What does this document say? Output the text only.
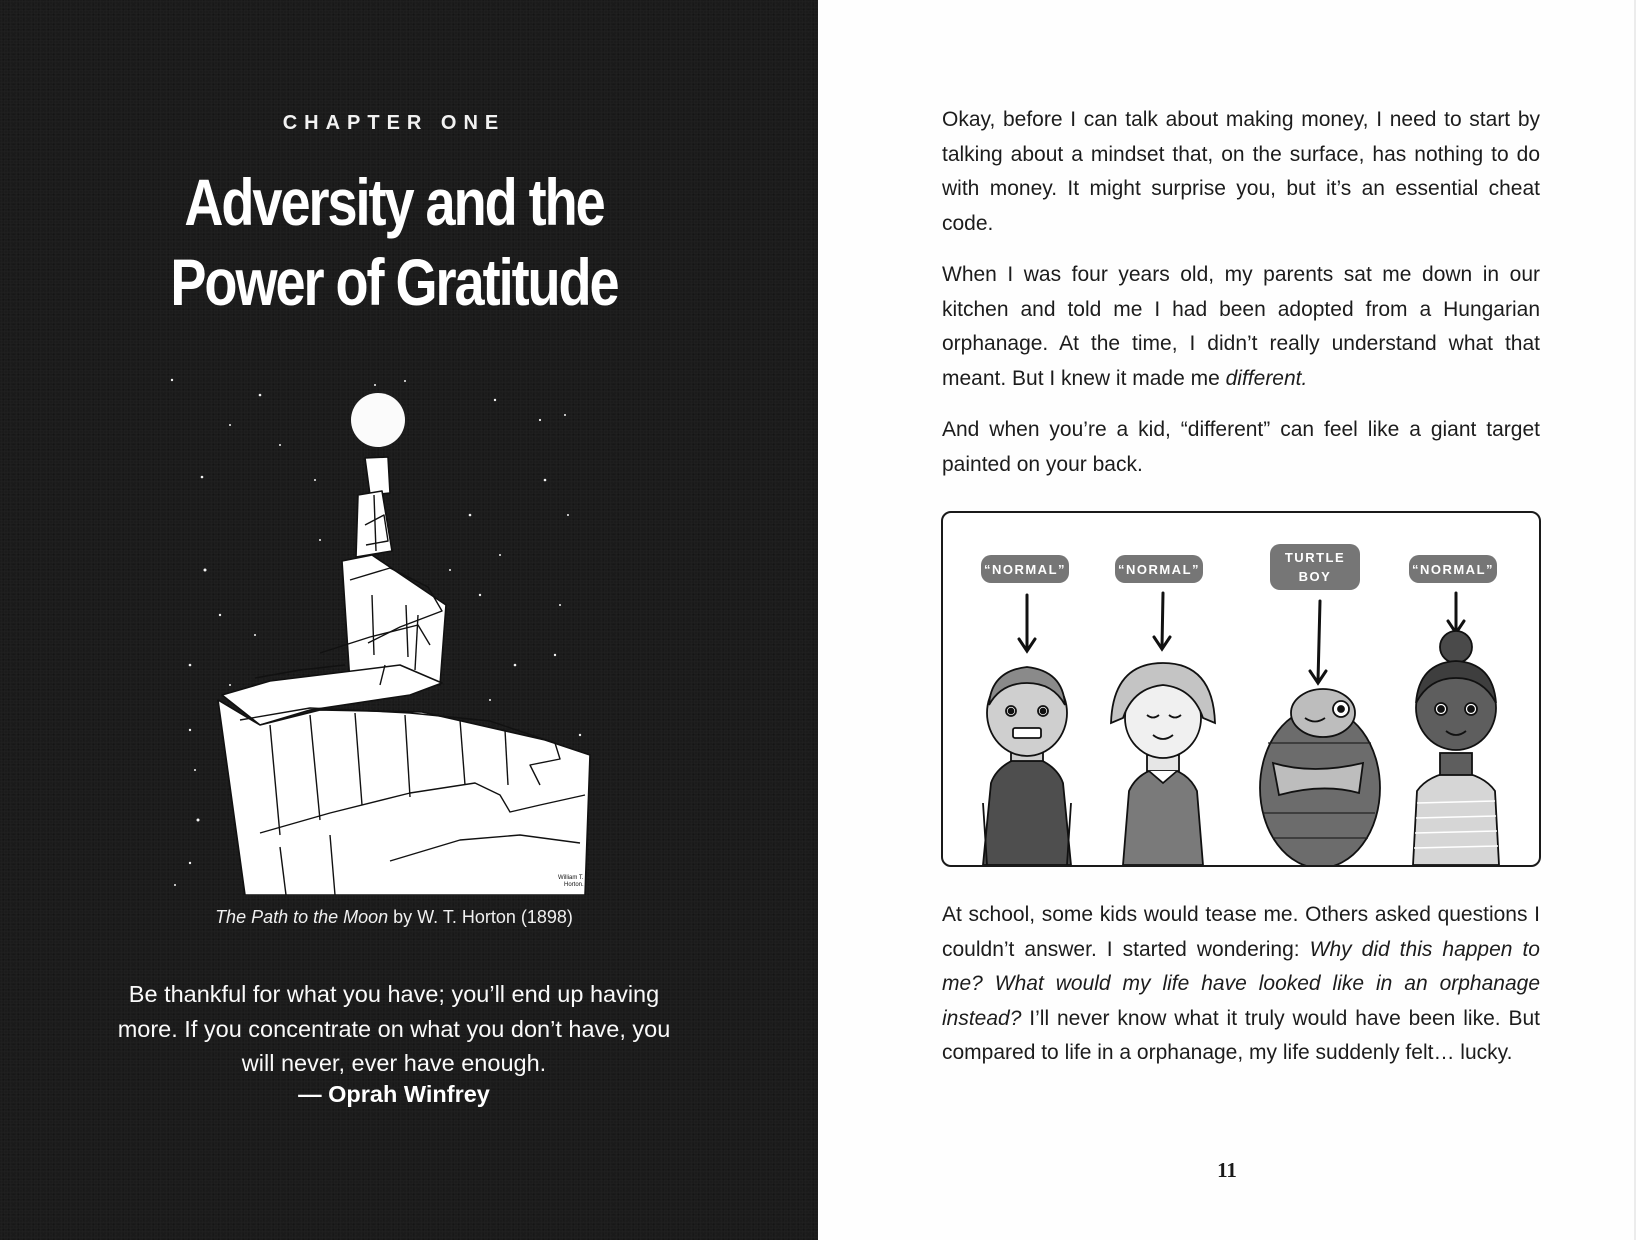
CHAPTER ONE
Adversity and the
Power of Gratitude
William T.
Horton.
The Path to the Moon by W. T. Horton (1898)
Be thankful for what you have; you’ll end up having more. If you concentrate on what you don’t have, you will never, ever have enough.
— Oprah Winfrey

Okay, before I can talk about making money, I need to start by talking about a mindset that, on the surface, has nothing to do with money. It might surprise you, but it’s an essential cheat code.

When I was four years old, my parents sat me down in our kitchen and told me I had been adopted from a Hungarian orphanage. At the time, I didn’t really understand what that meant. But I knew it made me different.

And when you’re a kid, “different” can feel like a giant target painted on your back.

“NORMAL”	“NORMAL”
TURTLE BOY	“NORMAL”

At school, some kids would tease me. Others asked questions I couldn’t answer. I started wondering: Why did this happen to me? What would my life have looked like in an orphanage instead? I’ll never know what it truly would have been like. But compared to life in a orphanage, my life suddenly felt… lucky.

11
